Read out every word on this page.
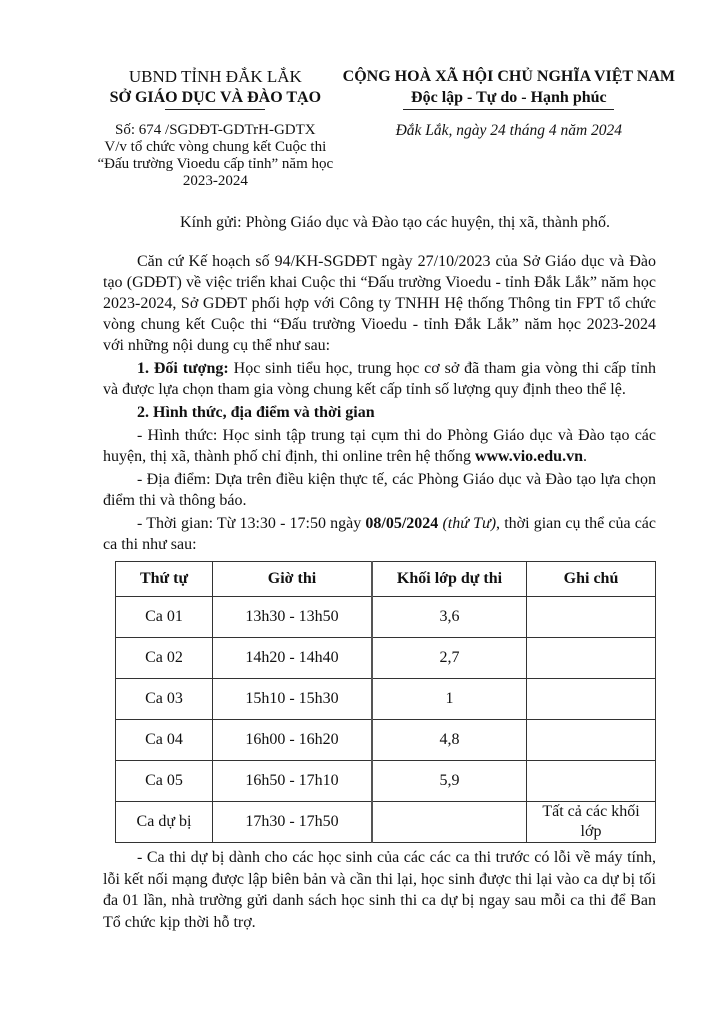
UBND TỈNH ĐẮK LẮK
SỞ GIÁO DỤC VÀ ĐÀO TẠO
Số: 674 /SGDĐT-GDTrH-GDTX
V/v tổ chức vòng chung kết Cuộc thi
“Đấu trường Vioedu cấp tỉnh” năm học
2023-2024
CỘNG HOÀ XÃ HỘI CHỦ NGHĨA VIỆT NAM
Độc lập - Tự do - Hạnh phúc
Đắk Lắk, ngày 24 tháng 4 năm 2024
Kính gửi: Phòng Giáo dục và Đào tạo các huyện, thị xã, thành phố.

Căn cứ Kế hoạch số 94/KH-SGDĐT ngày 27/10/2023 của Sở Giáo dục và Đào tạo (GDĐT) về việc triển khai Cuộc thi “Đấu trường Vioedu - tỉnh Đắk Lắk” năm học 2023-2024, Sở GDĐT phối hợp với Công ty TNHH Hệ thống Thông tin FPT tổ chức vòng chung kết Cuộc thi “Đấu trường Vioedu - tỉnh Đắk Lắk” năm học 2023-2024 với những nội dung cụ thể như sau:

1. Đối tượng: Học sinh tiểu học, trung học cơ sở đã tham gia vòng thi cấp tỉnh và được lựa chọn tham gia vòng chung kết cấp tỉnh số lượng quy định theo thể lệ.

2. Hình thức, địa điểm và thời gian

- Hình thức: Học sinh tập trung tại cụm thi do Phòng Giáo dục và Đào tạo các huyện, thị xã, thành phố chỉ định, thi online trên hệ thống www.vio.edu.vn.

- Địa điểm: Dựa trên điều kiện thực tế, các Phòng Giáo dục và Đào tạo lựa chọn điểm thi và thông báo.

- Thời gian: Từ 13:30 - 17:50 ngày 08/05/2024 (thứ Tư), thời gian cụ thể của các ca thi như sau:

Thứ tự	Giờ thi	Khối lớp dự thi	Ghi chú
Ca 01	13h30 - 13h50	3,6	
Ca 02	14h20 - 14h40	2,7	
Ca 03	15h10 - 15h30	1	
Ca 04	16h00 - 16h20	4,8	
Ca 05	16h50 - 17h10	5,9	
Ca dự bị	17h30 - 17h50		Tất cả các khối lớp

- Ca thi dự bị dành cho các học sinh của các các ca thi trước có lỗi về máy tính, lỗi kết nối mạng được lập biên bản và cần thi lại, học sinh được thi lại vào ca dự bị tối đa 01 lần, nhà trường gửi danh sách học sinh thi ca dự bị ngay sau mỗi ca thi để Ban Tổ chức kịp thời hỗ trợ.
